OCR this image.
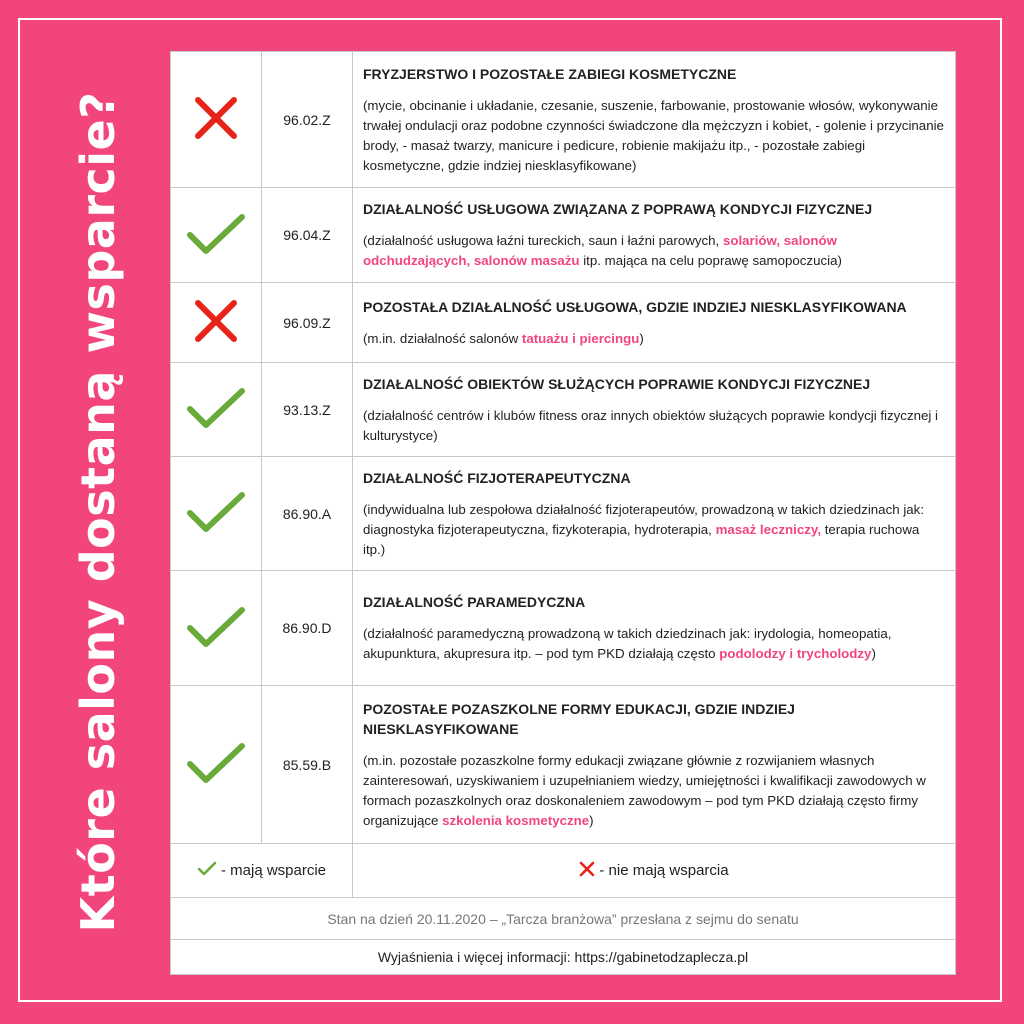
Które salony dostaną wsparcie?
		96.02.Z	FRYZJERSTWO I POZOSTAŁE ZABIEGI KOSMETYCZNE
(mycie, obcinanie i układanie, czesanie, suszenie, farbowanie, prostowanie włosów, wykonywanie trwałej ondulacji oraz podobne czynności świadczone dla mężczyzn i kobiet, - golenie i przycinanie brody, - masaż twarzy, manicure i pedicure, robienie makijażu itp., - pozostałe zabiegi kosmetyczne, gdzie indziej niesklasyfikowane)

	96.04.Z	DZIAŁALNOŚĆ USŁUGOWA ZWIĄZANA Z POPRAWĄ KONDYCJI FIZYCZNEJ
(działalność usługowa łaźni tureckich, saun i łaźni parowych, solariów, salonów odchudzających, salonów masażu itp. mająca na celu poprawę samopoczucia)

	96.09.Z	POZOSTAŁA DZIAŁALNOŚĆ USŁUGOWA, GDZIE INDZIEJ NIESKLASYFIKOWANA
(m.in. działalność salonów tatuażu i piercingu)

	93.13.Z	DZIAŁALNOŚĆ OBIEKTÓW SŁUŻĄCYCH POPRAWIE KONDYCJI FIZYCZNEJ
(działalność centrów i klubów fitness oraz innych obiektów służących poprawie kondycji fizycznej i kulturystyce)

	86.90.A	DZIAŁALNOŚĆ FIZJOTERAPEUTYCZNA
(indywidualna lub zespołowa działalność fizjoterapeutów, prowadzoną w takich dziedzinach jak: diagnostyka fizjoterapeutyczna, fizykoterapia, hydroterapia, masaż leczniczy, terapia ruchowa itp.)

	86.90.D	DZIAŁALNOŚĆ PARAMEDYCZNA
(działalność paramedyczną prowadzoną w takich dziedzinach jak: irydologia, homeopatia, akupunktura, akupresura itp. – pod tym PKD działają często podolodzy i trycholodzy)

	85.59.B	POZOSTAŁE POZASZKOLNE FORMY EDUKACJI, GDZIE INDZIEJ NIESKLASYFIKOWANE
(m.in. pozostałe pozaszkolne formy edukacji związane głównie z rozwijaniem własnych zainteresowań, uzyskiwaniem i uzupełnianiem wiedzy, umiejętności i kwalifikacji zawodowych w formach pozaszkolnych oraz doskonaleniem zawodowym – pod tym PKD działają często firmy organizujące szkolenia kosmetyczne)

- mają wsparcie		- nie mają wsparcia
Stan na dzień 20.11.2020 – „Tarcza branżowa” przesłana z sejmu do senatu		
Wyjaśnienia i więcej informacji: https://gabinetodzaplecza.pl		
